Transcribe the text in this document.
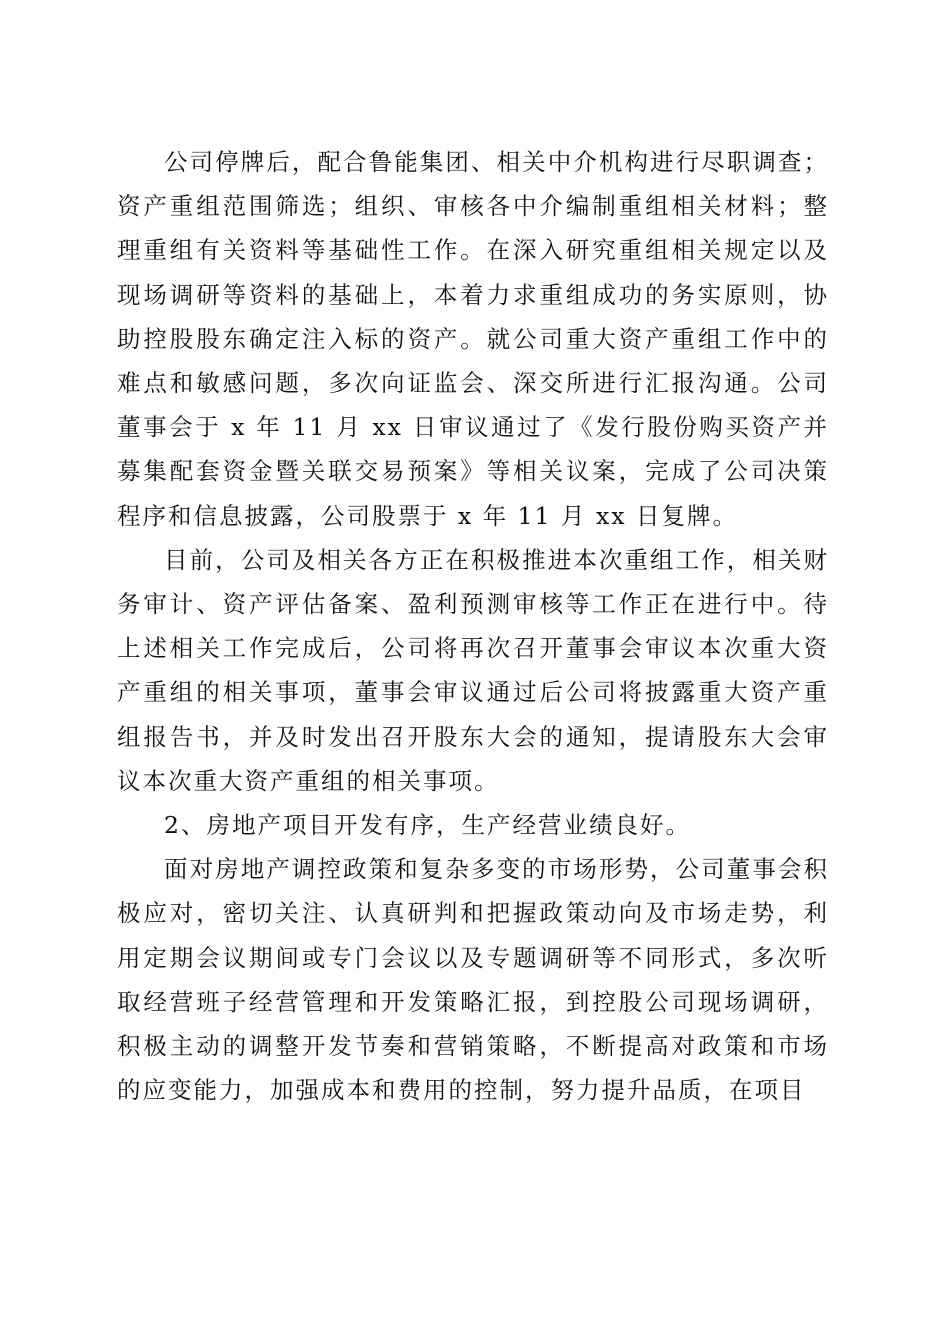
公司停牌后，配合鲁能集团、相关中介机构进行尽职调查；资产重组范围筛选；组织、审核各中介编制重组相关材料；整理重组有关资料等基础性工作。在深入研究重组相关规定以及现场调研等资料的基础上，本着力求重组成功的务实原则，协助控股股东确定注入标的资产。就公司重大资产重组工作中的难点和敏感问题，多次向证监会、深交所进行汇报沟通。公司董事会于 x 年 11 月 xx 日审议通过了《发行股份购买资产并募集配套资金暨关联交易预案》等相关议案，完成了公司决策程序和信息披露，公司股票于 x 年 11 月 xx 日复牌。

目前，公司及相关各方正在积极推进本次重组工作，相关财务审计、资产评估备案、盈利预测审核等工作正在进行中。待上述相关工作完成后，公司将再次召开董事会审议本次重大资产重组的相关事项，董事会审议通过后公司将披露重大资产重组报告书，并及时发出召开股东大会的通知，提请股东大会审议本次重大资产重组的相关事项。

2、房地产项目开发有序，生产经营业绩良好。

面对房地产调控政策和复杂多变的市场形势，公司董事会积极应对，密切关注、认真研判和把握政策动向及市场走势，利用定期会议期间或专门会议以及专题调研等不同形式，多次听取经营班子经营管理和开发策略汇报，到控股公司现场调研，积极主动的调整开发节奏和营销策略，不断提高对政策和市场的应变能力，加强成本和费用的控制，努力提升品质，在项目
